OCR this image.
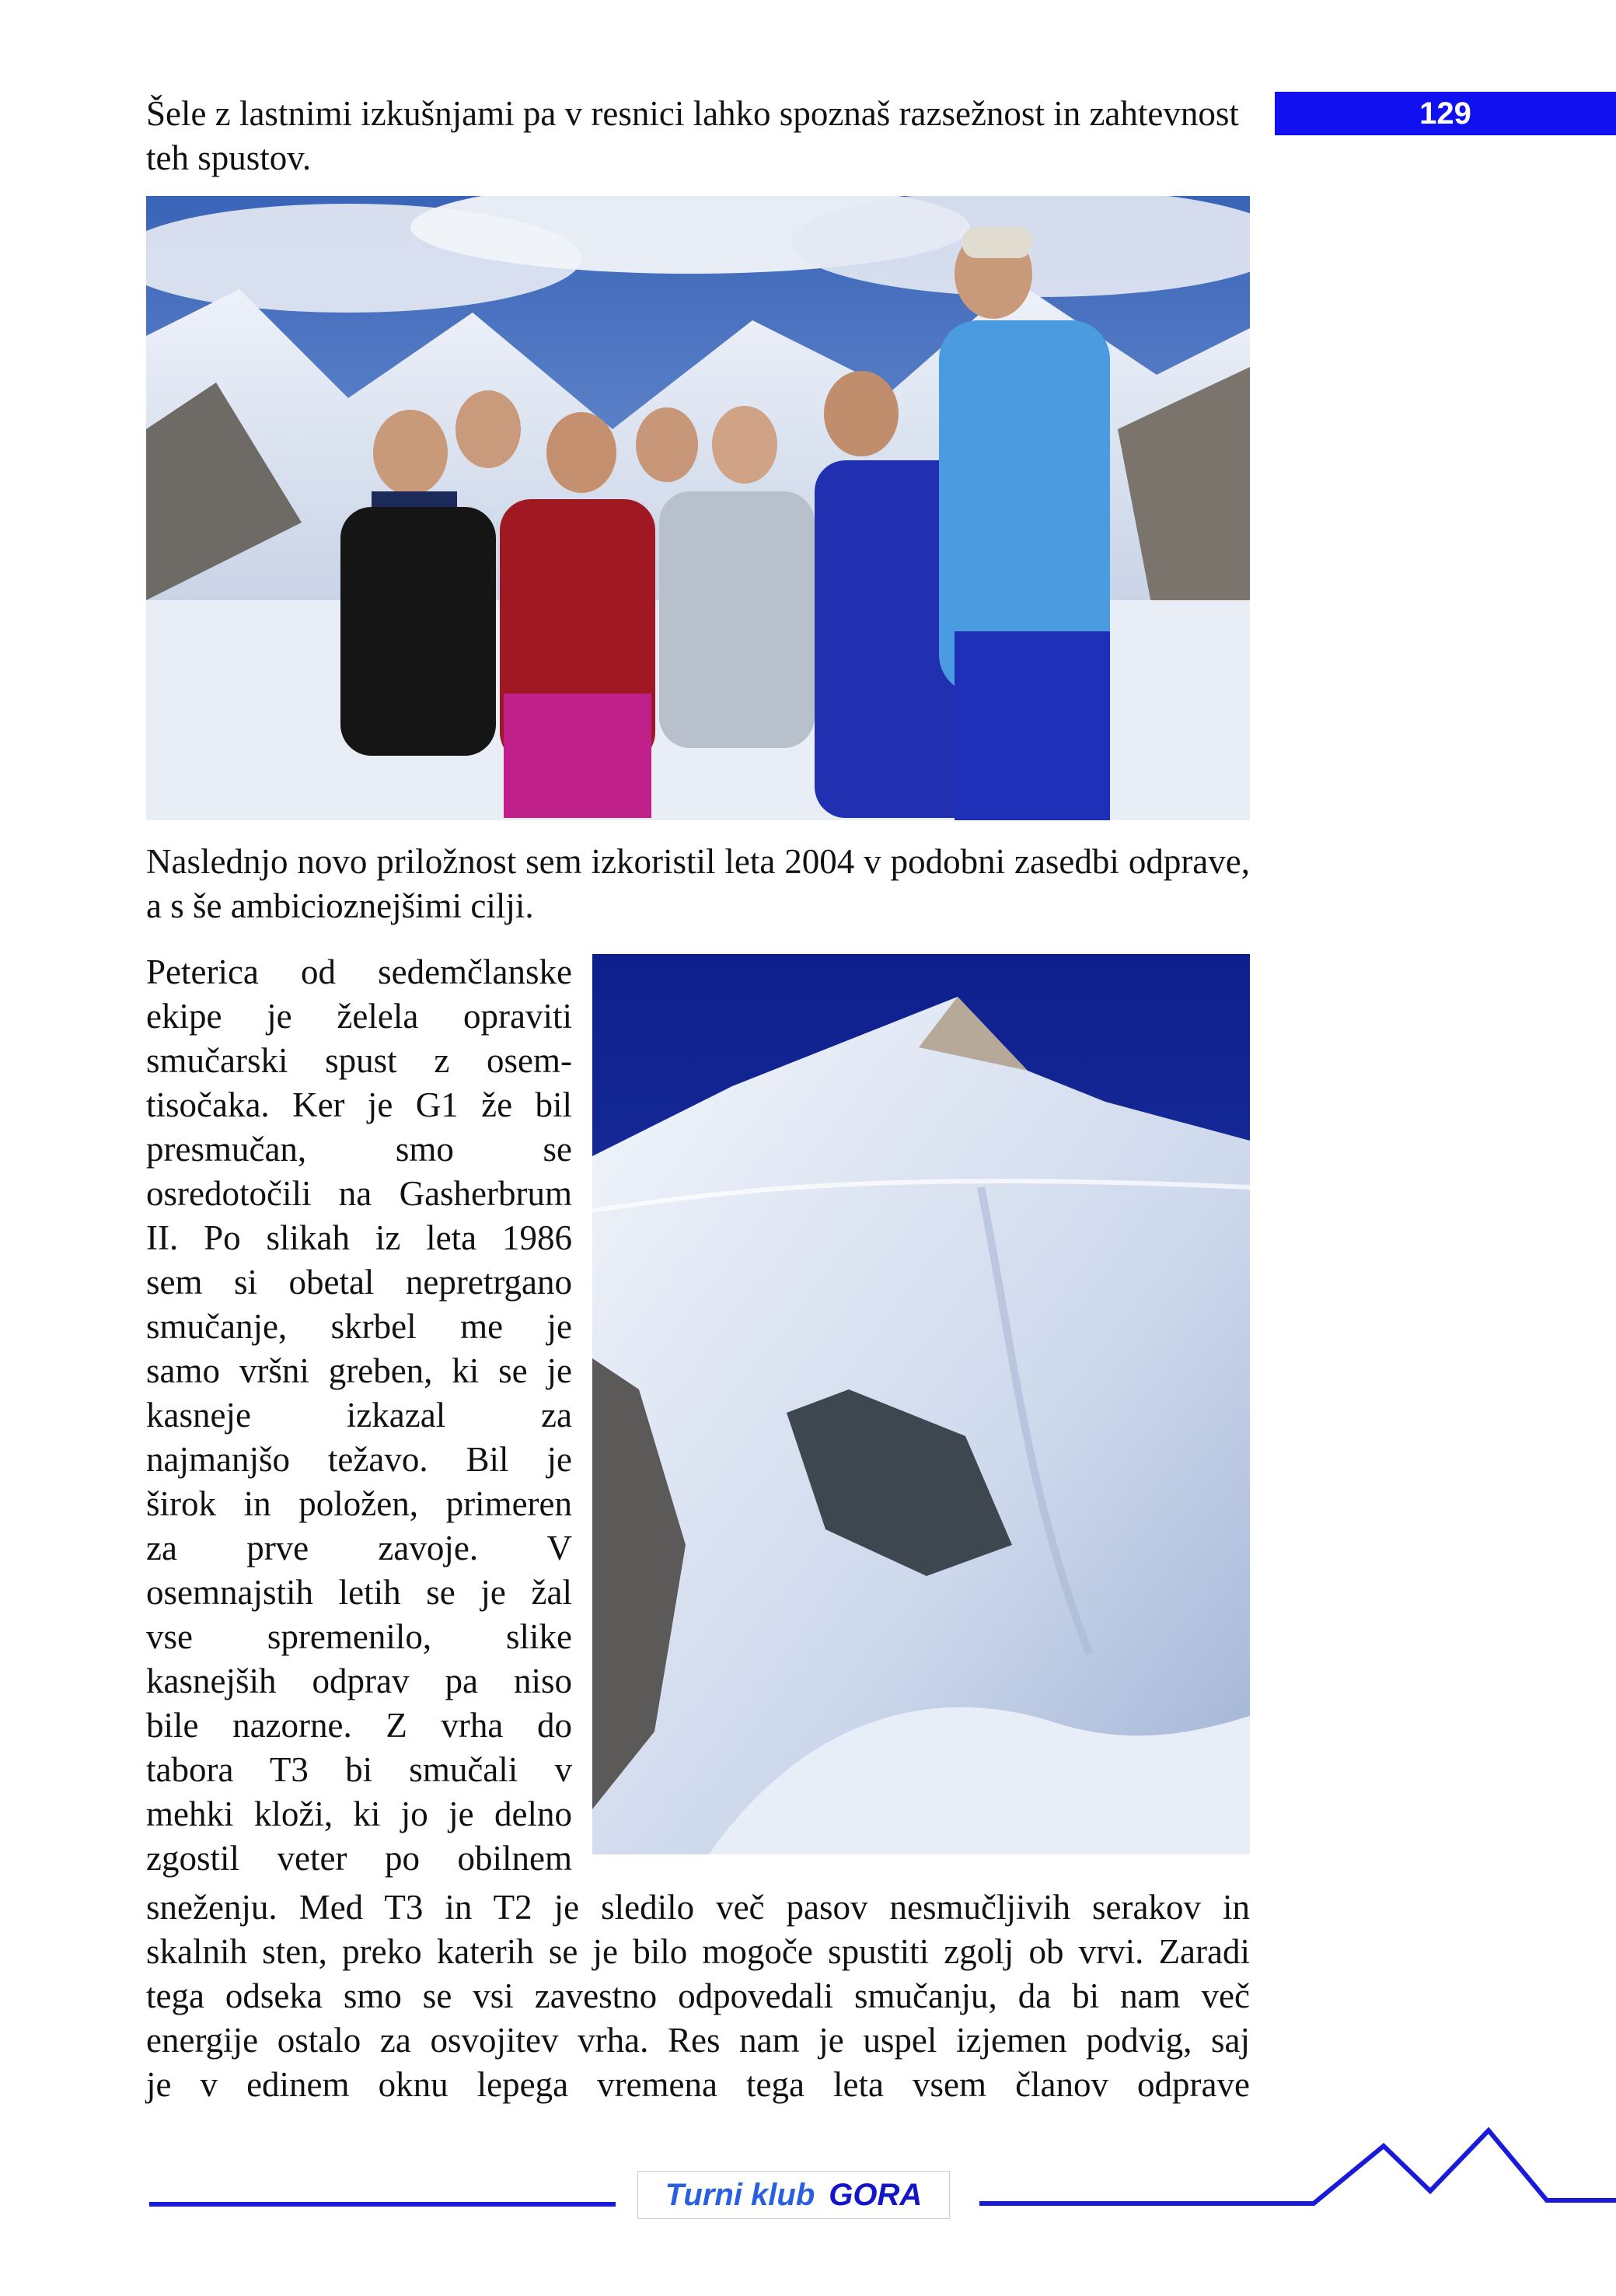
129

Šele z lastnimi izkušnjami pa v resnici lahko spoznaš razsežnost in zahtevnost teh spustov.

Naslednjo novo priložnost sem izkoristil leta 2004 v podobni zasedbi odprave, a s še ambicioznejšimi cilji.

Peterica od sedemčlanske
ekipe je želela opraviti
smučarski spust z osem-
tisočaka. Ker je G1 že bil
presmučan, smo se
osredotočili na Gasherbrum
II. Po slikah iz leta 1986
sem si obetal nepretrgano
smučanje, skrbel me je
samo vršni greben, ki se je
kasneje izkazal za
najmanjšo težavo. Bil je
širok in položen, primeren
za prve zavoje. V
osemnajstih letih se je žal
vse spremenilo, slike
kasnejših odprav pa niso
bile nazorne. Z vrha do
tabora T3 bi smučali v
mehki kloži, ki jo je delno
zgostil veter po obilnem
sneženju. Med T3 in T2 je sledilo več pasov nesmučljivih serakov in
skalnih sten, preko katerih se je bilo mogoče spustiti zgolj ob vrvi. Zaradi
tega odseka smo se vsi zavestno odpovedali smučanju, da bi nam več
energije ostalo za osvojitev vrha. Res nam je uspel izjemen podvig, saj
je v edinem oknu lepega vremena tega leta vsem članov odprave
Turni klub GORA
